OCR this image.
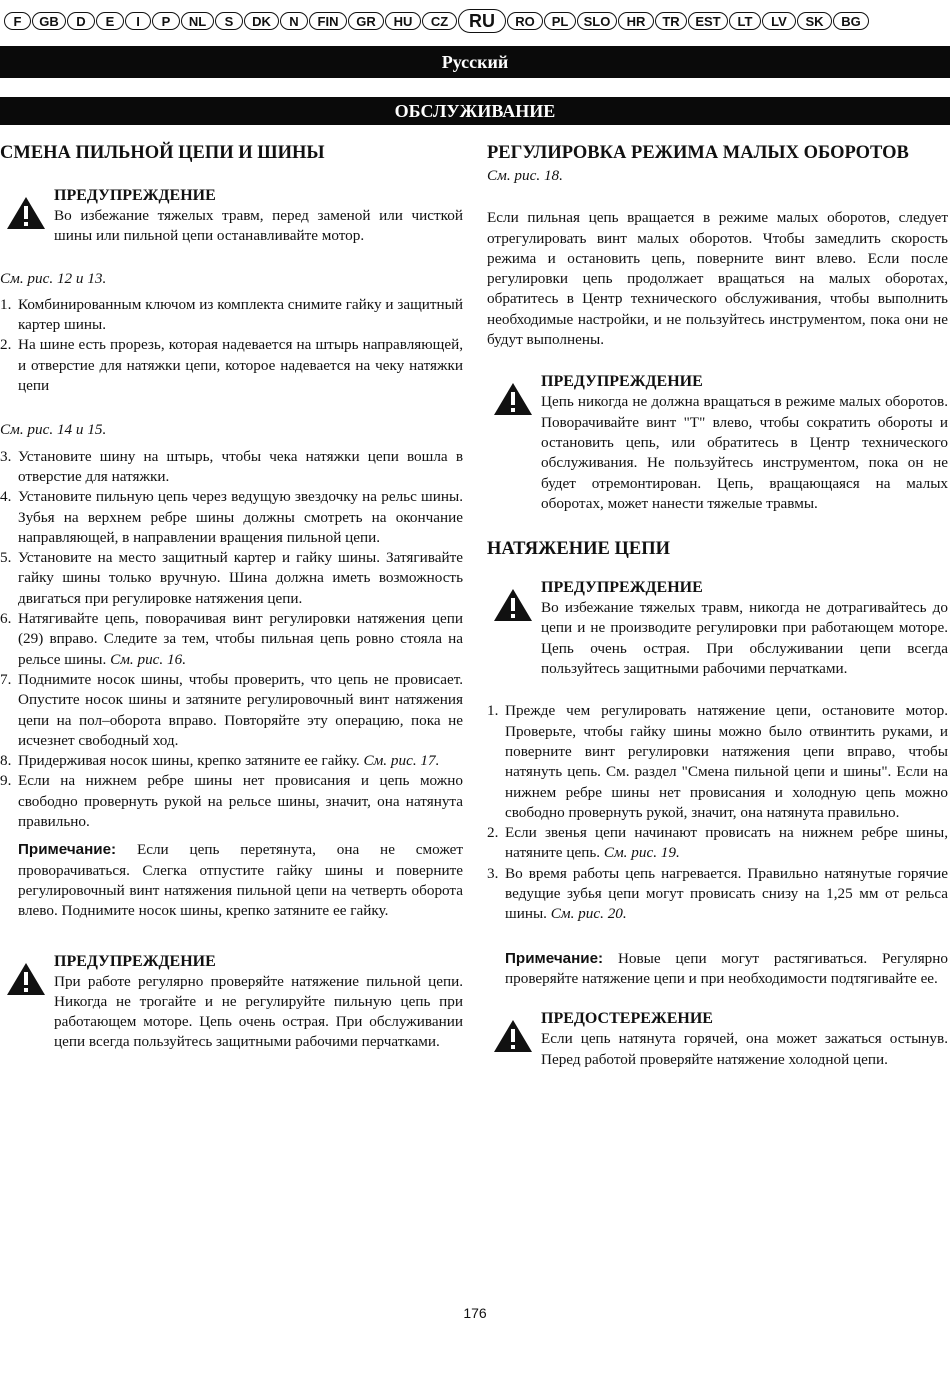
F	GB	D	E	I	P	NL	S	DK	N	FIN	GR	HU	CZ	RU	RO	PL	SLO	HR	TR	EST	LT	LV	SK	BG
Русский
ОБСЛУЖИВАНИЕ

СМЕНА ПИЛЬНОЙ ЦЕПИ И ШИНЫ

ПРЕДУПРЕЖДЕНИЕ

Во избежание тяжелых травм, перед заменой или чисткой шины или пильной цепи останавливайте мотор.

См. рис. 12 и 13.

1. Комбинированным ключом из комплекта снимите гайку и защитный картер шины.
2. На шине есть прорезь, которая надевается на штырь направляющей, и отверстие для натяжки цепи, которое надевается на чеку натяжки цепи

См. рис. 14 и 15.

3. Установите шину на штырь, чтобы чека натяжки цепи вошла в отверстие для натяжки.
4. Установите пильную цепь через ведущую звездочку на рельс шины. Зубья на верхнем ребре шины должны смотреть на окончание направляющей, в направлении вращения пильной цепи.
5. Установите на место защитный картер и гайку шины. Затягивайте гайку шины только вручную. Шина должна иметь возможность двигаться при регулировке натяжения цепи.
6. Натягивайте цепь, поворачивая винт регулировки натяжения цепи (29) вправо. Следите за тем, чтобы пильная цепь ровно стояла на рельсе шины. См. рис. 16.
7. Поднимите носок шины, чтобы проверить, что цепь не провисает. Опустите носок шины и затяните регулировочный винт натяжения цепи на пол–оборота вправо. Повторяйте эту операцию, пока не исчезнет свободный ход.
8. Придерживая носок шины, крепко затяните ее гайку. См. рис. 17.
9. Если на нижнем ребре шины нет провисания и цепь можно свободно провернуть рукой на рельсе шины, значит, она натянута правильно.

Примечание: Если цепь перетянута, она не сможет проворачиваться. Слегка отпустите гайку шины и поверните регулировочный винт натяжения пильной цепи на четверть оборота влево. Поднимите носок шины, крепко затяните ее гайку.

ПРЕДУПРЕЖДЕНИЕ

При работе регулярно проверяйте натяжение пильной цепи. Никогда не трогайте и не регулируйте пильную цепь при работающем моторе. Цепь очень острая. При обслуживании цепи всегда пользуйтесь защитными рабочими перчатками.

РЕГУЛИРОВКА РЕЖИМА МАЛЫХ ОБОРОТОВ

См. рис. 18.

Если пильная цепь вращается в режиме малых оборотов, следует отрегулировать винт малых оборотов. Чтобы замедлить скорость режима и остановить цепь, поверните винт влево. Если после регулировки цепь продолжает вращаться на малых оборотах, обратитесь в Центр технического обслуживания, чтобы выполнить необходимые настройки, и не пользуйтесь инструментом, пока они не будут выполнены.

ПРЕДУПРЕЖДЕНИЕ

Цепь никогда не должна вращаться в режиме малых оборотов. Поворачивайте винт "T" влево, чтобы сократить обороты и остановить цепь, или обратитесь в Центр технического обслуживания. Не пользуйтесь инструментом, пока он не будет отремонтирован. Цепь, вращающаяся на малых оборотах, может нанести тяжелые травмы.

НАТЯЖЕНИЕ ЦЕПИ

ПРЕДУПРЕЖДЕНИЕ

Во избежание тяжелых травм, никогда не дотрагивайтесь до цепи и не производите регулировки при работающем моторе. Цепь очень острая. При обслуживании цепи всегда пользуйтесь защитными рабочими перчатками.

1. Прежде чем регулировать натяжение цепи, остановите мотор. Проверьте, чтобы гайку шины можно было отвинтить руками, и поверните винт регулировки натяжения цепи вправо, чтобы натянуть цепь. См. раздел "Смена пильной цепи и шины". Если на нижнем ребре шины нет провисания и холодную цепь можно свободно провернуть рукой, значит, она натянута правильно.
2. Если звенья цепи начинают провисать на нижнем ребре шины, натяните цепь. См. рис. 19.
3. Во время работы цепь нагревается. Правильно натянутые горячие ведущие зубья цепи могут провисать снизу на 1,25 мм от рельса шины. См. рис. 20.

Примечание: Новые цепи могут растягиваться. Регулярно проверяйте натяжение цепи и при необходимости подтягивайте ее.

ПРЕДОСТЕРЕЖЕНИЕ

Если цепь натянута горячей, она может зажаться остынув. Перед работой проверяйте натяжение холодной цепи.

176
